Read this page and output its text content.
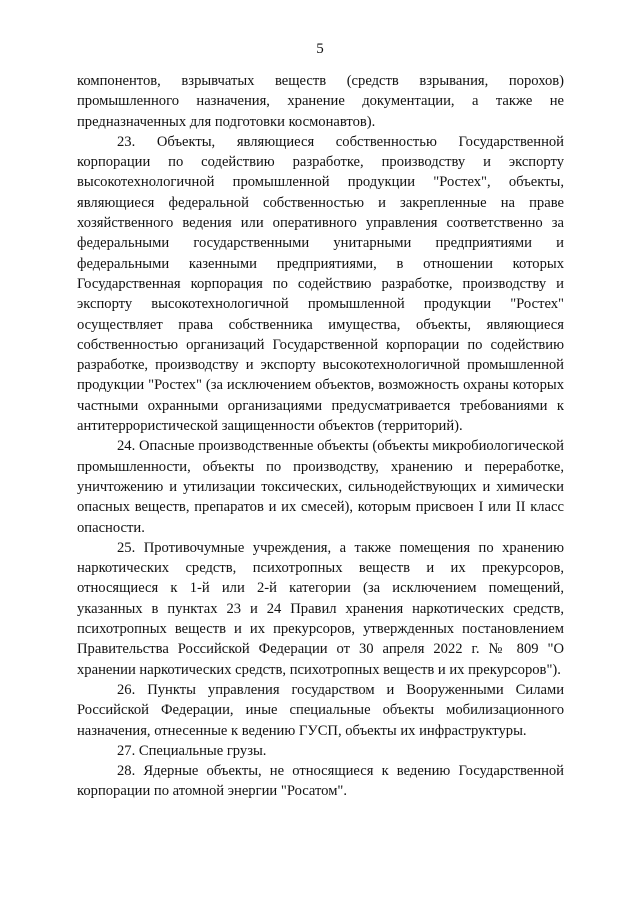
5

компонентов, взрывчатых веществ (средств взрывания, порохов) промышленного назначения, хранение документации, а также не предназначенных для подготовки космонавтов).

23. Объекты, являющиеся собственностью Государственной корпорации по содействию разработке, производству и экспорту высокотехнологичной промышленной продукции "Ростех", объекты, являющиеся федеральной собственностью и закрепленные на праве хозяйственного ведения или оперативного управления соответственно за федеральными государственными унитарными предприятиями и федеральными казенными предприятиями, в отношении которых Государственная корпорация по содействию разработке, производству и экспорту высокотехнологичной промышленной продукции "Ростех" осуществляет права собственника имущества, объекты, являющиеся собственностью организаций Государственной корпорации по содействию разработке, производству и экспорту высокотехнологичной промышленной продукции "Ростех" (за исключением объектов, возможность охраны которых частными охранными организациями предусматривается требованиями к антитеррористической защищенности объектов (территорий).

24. Опасные производственные объекты (объекты микробиологической промышленности, объекты по производству, хранению и переработке, уничтожению и утилизации токсических, сильнодействующих и химически опасных веществ, препаратов и их смесей), которым присвоен I или II класс опасности.

25. Противочумные учреждения, а также помещения по хранению наркотических средств, психотропных веществ и их прекурсоров, относящиеся к 1-й или 2-й категории (за исключением помещений, указанных в пунктах 23 и 24 Правил хранения наркотических средств, психотропных веществ и их прекурсоров, утвержденных постановлением Правительства Российской Федерации от 30 апреля 2022 г. № 809 "О хранении наркотических средств, психотропных веществ и их прекурсоров").

26. Пункты управления государством и Вооруженными Силами Российской Федерации, иные специальные объекты мобилизационного назначения, отнесенные к ведению ГУСП, объекты их инфраструктуры.

27. Специальные грузы.

28. Ядерные объекты, не относящиеся к ведению Государственной корпорации по атомной энергии "Росатом".
